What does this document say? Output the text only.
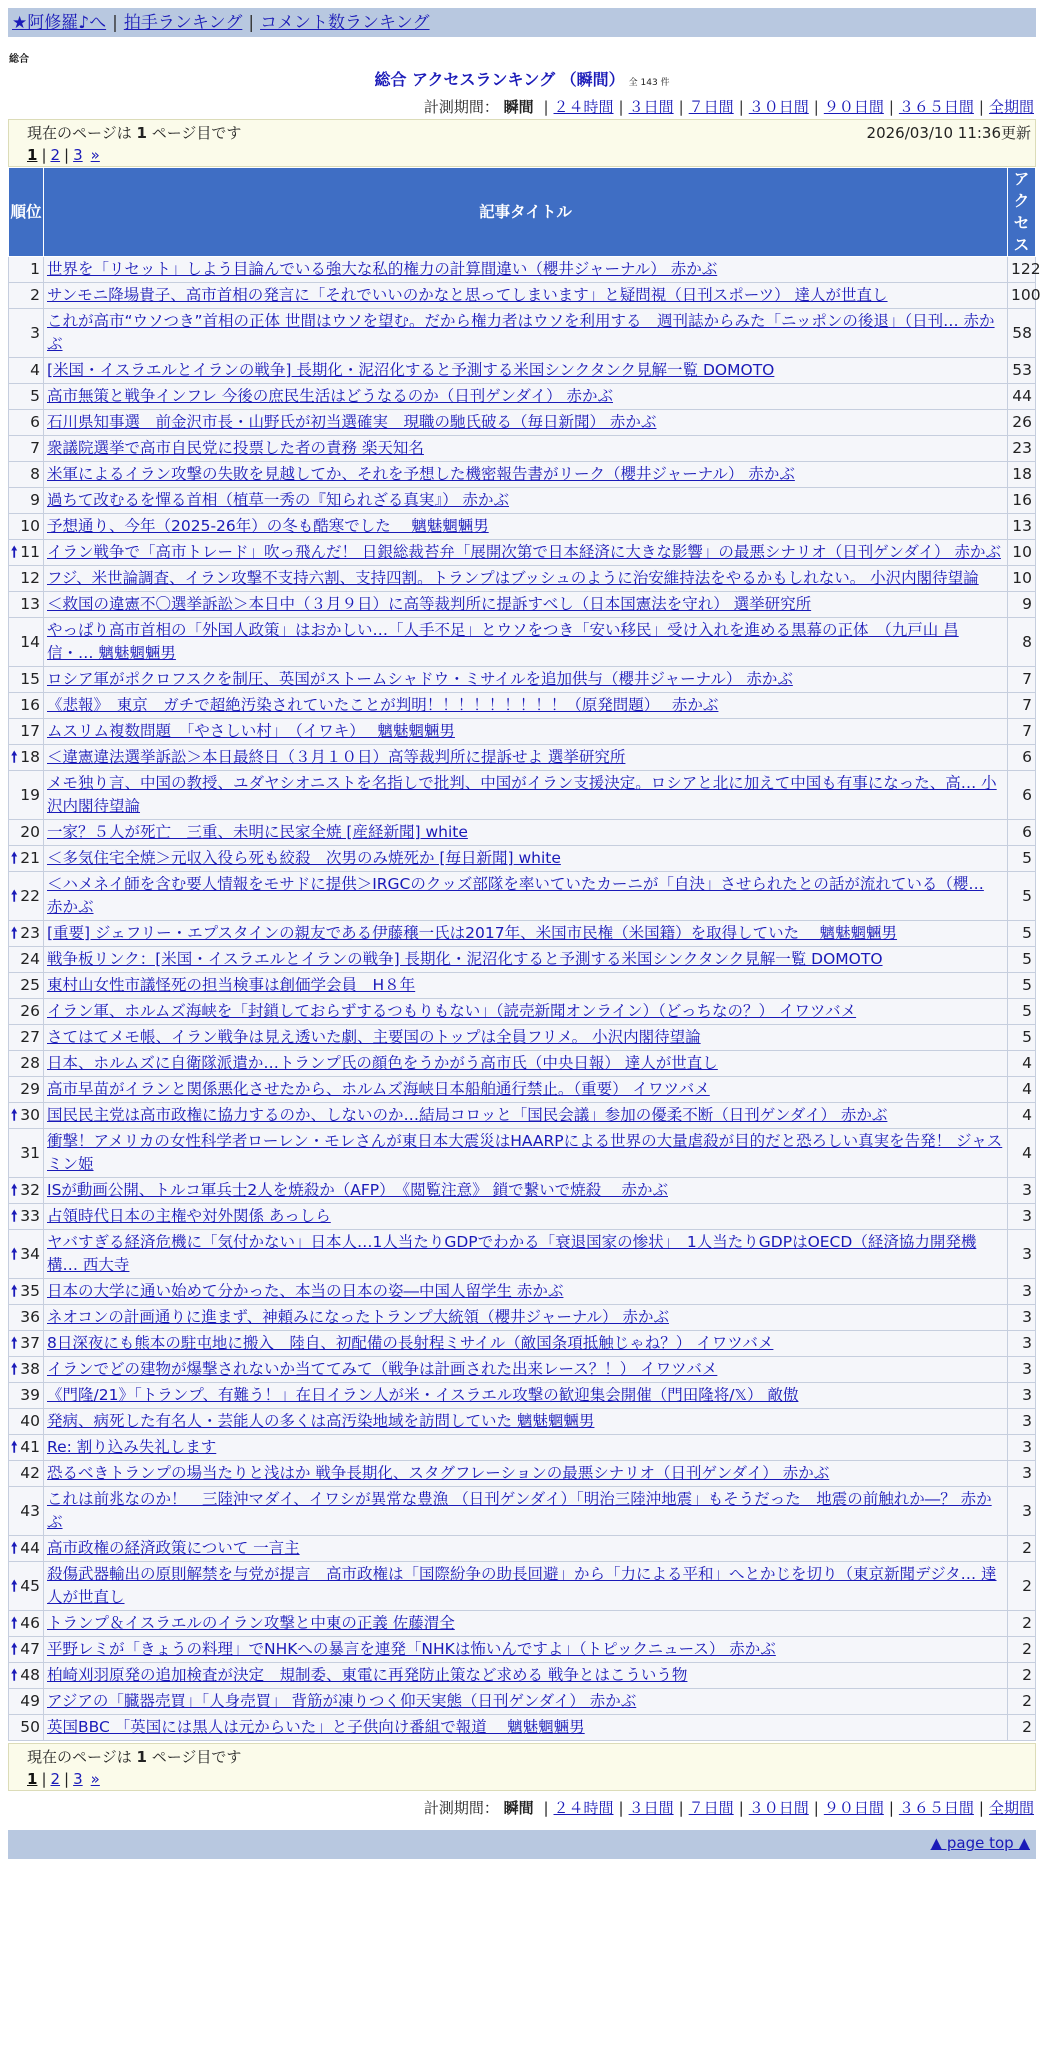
★阿修羅♪へ | 拍手ランキング | コメント数ランキング
総合
総合 アクセスランキング （瞬間） 全 143 件
計測期間： 瞬間 | ２４時間 | ３日間 | ７日間 | ３０日間 | ９０日間 | ３６５日間 | 全期間
現在のページは 1 ページ目です	2026/03/10 11:36更新
1 | 2 | 3 »
順位	記事タイトル	アクセス
1	世界を「リセット」しよう目論んでいる強大な私的権力の計算間違い（櫻井ジャーナル） 赤かぶ	122
2	サンモニ降場貴子、高市首相の発言に「それでいいのかなと思ってしまいます」と疑問視（日刊スポーツ） 達人が世直し	100
3	これが高市“ウソつき”首相の正体 世間はウソを望む。だから権力者はウソを利用する　週刊誌からみた「ニッポンの後退」（日刊… 赤かぶ	58
4	[米国・イスラエルとイランの戦争] 長期化・泥沼化すると予測する米国シンクタンク見解一覧 DOMOTO	53
5	高市無策と戦争インフレ 今後の庶民生活はどうなるのか（日刊ゲンダイ） 赤かぶ	44
6	石川県知事選　前金沢市長・山野氏が初当選確実　現職の馳氏破る（毎日新聞） 赤かぶ	26
7	衆議院選挙で高市自民党に投票した者の責務 楽天知名	23
8	米軍によるイラン攻撃の失敗を見越してか、それを予想した機密報告書がリーク（櫻井ジャーナル） 赤かぶ	18
9	過ちて改むるを憚る首相（植草一秀の『知られざる真実』） 赤かぶ	16
10	予想通り、今年（2025-26年）の冬も酷寒でした　 魑魅魍魎男	13

🠕 11	イラン戦争で「高市トレード」吹っ飛んだ！ 日銀総裁苔弁「展開次第で日本経済に大きな影響」の最悪シナリオ（日刊ゲンダイ） 赤かぶ	10
12	フジ、米世論調査、イラン攻撃不支持六割、支持四割。トランプはブッシュのように治安維持法をやるかもしれない。 小沢内閣待望論	10
13	＜救国の違憲不〇選挙訴訟＞本日中（３月９日）に高等裁判所に提訴すべし（日本国憲法を守れ） 選挙研究所	9
14	やっぱり高市首相の「外国人政策」はおかしい…「人手不足」とウソをつき「安い移民」受け入れを進める黒幕の正体　（九戸山 昌信・… 魑魅魍魎男	8
15	ロシア軍がポクロフスクを制圧、英国がストームシャドウ・ミサイルを追加供与（櫻井ジャーナル） 赤かぶ	7
16	《悲報》　東京　ガチで超絶汚染されていたことが判明！！！！！！！！！（原発問題）　 赤かぶ	7
17	ムスリム複数問題　「やさしい村」　（イワキ）　 魑魅魍魎男	7

🠕 18	＜違憲違法選挙訴訟＞本日最終日（３月１０日）高等裁判所に提訴せよ 選挙研究所	6
19	メモ独り言、中国の教授、ユダヤシオニストを名指しで批判、中国がイラン支援決定。ロシアと北に加えて中国も有事になった、高… 小沢内閣待望論	6
20	一家？５人が死亡　三重、未明に民家全焼 [産経新聞] white	6

🠕 21	＜多気住宅全焼＞元収入役ら死も絞殺　次男のみ焼死か [毎日新聞] white	5

🠕 22	＜ハメネイ師を含む要人情報をモサドに提供＞IRGCのクッズ部隊を率いていたカーニが「自決」させられたとの話が流れている（櫻… 赤かぶ	5

🠕 23	[重要] ジェフリー・エプスタインの親友である伊藤穣一氏は2017年、米国市民権（米国籍）を取得していた　 魑魅魍魎男	5
24	戦争板リンク：[米国・イスラエルとイランの戦争] 長期化・泥沼化すると予測する米国シンクタンク見解一覧 DOMOTO	5
25	東村山女性市議怪死の担当検事は創価学会員　H８年	5
26	イラン軍、ホルムズ海峡を「封鎖しておらずするつもりもない」（読売新聞オンライン）（どっちなの？） イワツバメ	5
27	さてはてメモ帳、イラン戦争は見え透いた劇、主要国のトップは全員フリメ。 小沢内閣待望論	5
28	日本、ホルムズに自衛隊派遣か…トランプ氏の顔色をうかがう高市氏（中央日報） 達人が世直し	4
29	高市早苗がイランと関係悪化させたから、ホルムズ海峡日本船舶通行禁止。（重要） イワツバメ	4

🠕 30	国民民主党は高市政権に協力するのか、しないのか…結局コロッと「国民会議」参加の優柔不断（日刊ゲンダイ） 赤かぶ	4
31	衝撃！アメリカの女性科学者ローレン・モレさんが東日本大震災はHAARPによる世界の大量虐殺が目的だと恐ろしい真実を告発！ ジャスミン姫	4

🠕 32	ISが動画公開、トルコ軍兵士2人を焼殺か（AFP）　《閲覧注意》 鎖で繋いで焼殺　 赤かぶ	3

🠕 33	占領時代日本の主権や対外関係 あっしら	3

🠕 34	ヤバすぎる経済危機に「気付かない」日本人…1人当たりGDPでわかる「衰退国家の惨状」　1人当たりGDPはOECD（経済協力開発機構… 西大寺	3

🠕 35	日本の大学に通い始めて分かった、本当の日本の姿―中国人留学生 赤かぶ	3
36	ネオコンの計画通りに進まず、神頼みになったトランプ大統領（櫻井ジャーナル） 赤かぶ	3

🠕 37	8日深夜にも熊本の駐屯地に搬入　陸自、初配備の長射程ミサイル（敵国条項抵触じゃね？） イワツバメ	3

🠕 38	イランでどの建物が爆撃されないか当ててみて（戦争は計画された出来レース？！） イワツバメ	3
39	《門隆/21》「トランプ、有難う！」在日イラン人が米・イスラエル攻撃の歓迎集会開催（門田隆将/𝕏） 敵傲	3
40	発病、病死した有名人・芸能人の多くは高汚染地域を訪問していた 魑魅魍魎男	3

🠕 41	Re: 割り込み失礼します	3
42	恐るべきトランプの場当たりと浅はか 戦争長期化、スタグフレーションの最悪シナリオ（日刊ゲンダイ） 赤かぶ	3
43	これは前兆なのか！　三陸沖マダイ、イワシが異常な豊漁 （日刊ゲンダイ）「明治三陸沖地震」もそうだった　地震の前触れか―？ 赤かぶ	3

🠕 44	高市政権の経済政策について 一言主	2

🠕 45	殺傷武器輸出の原則解禁を与党が提言　高市政権は「国際紛争の助長回避」から「力による平和」へとかじを切り（東京新聞デジタ… 達人が世直し	2

🠕 46	トランプ＆イスラエルのイラン攻撃と中東の正義 佐藤渭全	2

🠕 47	平野レミが「きょうの料理」でNHKへの暴言を連発「NHKは怖いんですよ」（トピックニュース） 赤かぶ	2

🠕 48	柏崎刈羽原発の追加検査が決定　規制委、東電に再発防止策など求める 戦争とはこういう物	2
49	アジアの「臓器売買」「人身売買」 背筋が凍りつく仰天実態（日刊ゲンダイ） 赤かぶ	2
50	英国BBC 「英国には黒人は元からいた」と子供向け番組で報道　 魑魅魍魎男	2
現在のページは 1 ページ目です
1 | 2 | 3 »
計測期間： 瞬間 | ２４時間 | ３日間 | ７日間 | ３０日間 | ９０日間 | ３６５日間 | 全期間
▲ page top ▲
